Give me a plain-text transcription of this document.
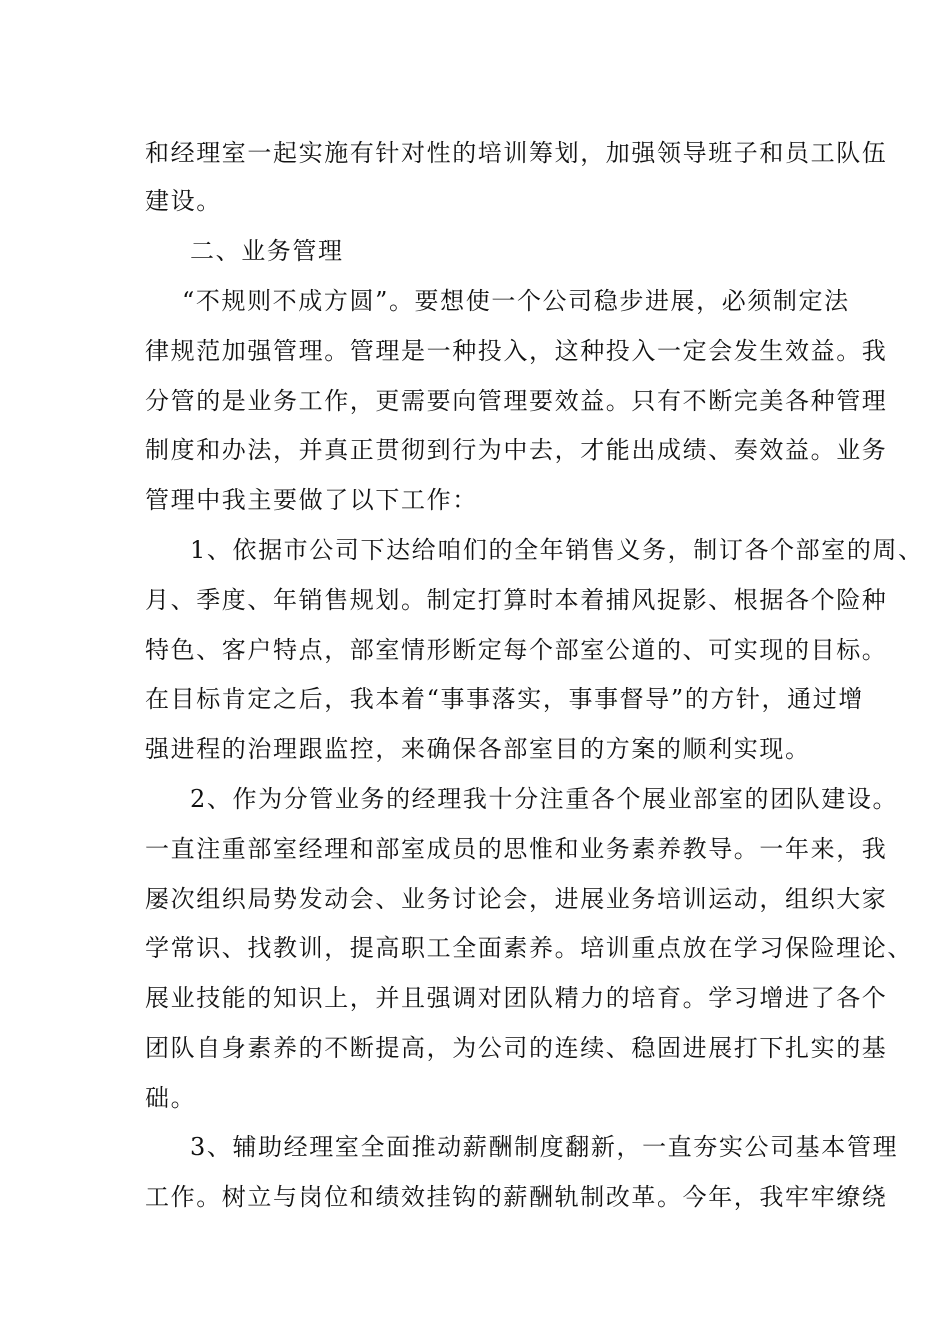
和经理室一起实施有针对性的培训筹划，加强领导班子和员工队伍
建设。
二、业务管理
“不规则不成方圆”。要想使一个公司稳步进展，必须制定法
律规范加强管理。管理是一种投入，这种投入一定会发生效益。我
分管的是业务工作，更需要向管理要效益。只有不断完美各种管理
制度和办法，并真正贯彻到行为中去，才能出成绩、奏效益。业务
管理中我主要做了以下工作：
1、依据市公司下达给咱们的全年销售义务，制订各个部室的周、
月、季度、年销售规划。制定打算时本着捕风捉影、根据各个险种
特色、客户特点，部室情形断定每个部室公道的、可实现的目标。
在目标肯定之后，我本着“事事落实，事事督导”的方针，通过增
强进程的治理跟监控，来确保各部室目的方案的顺利实现。
2、作为分管业务的经理我十分注重各个展业部室的团队建设。
一直注重部室经理和部室成员的思惟和业务素养教导。一年来，我
屡次组织局势发动会、业务讨论会，进展业务培训运动，组织大家
学常识、找教训，提高职工全面素养。培训重点放在学习保险理论、
展业技能的知识上，并且强调对团队精力的培育。学习增进了各个
团队自身素养的不断提高，为公司的连续、稳固进展打下扎实的基
础。
3、辅助经理室全面推动薪酬制度翻新，一直夯实公司基本管理
工作。树立与岗位和绩效挂钩的薪酬轨制改革。今年，我牢牢缭绕
